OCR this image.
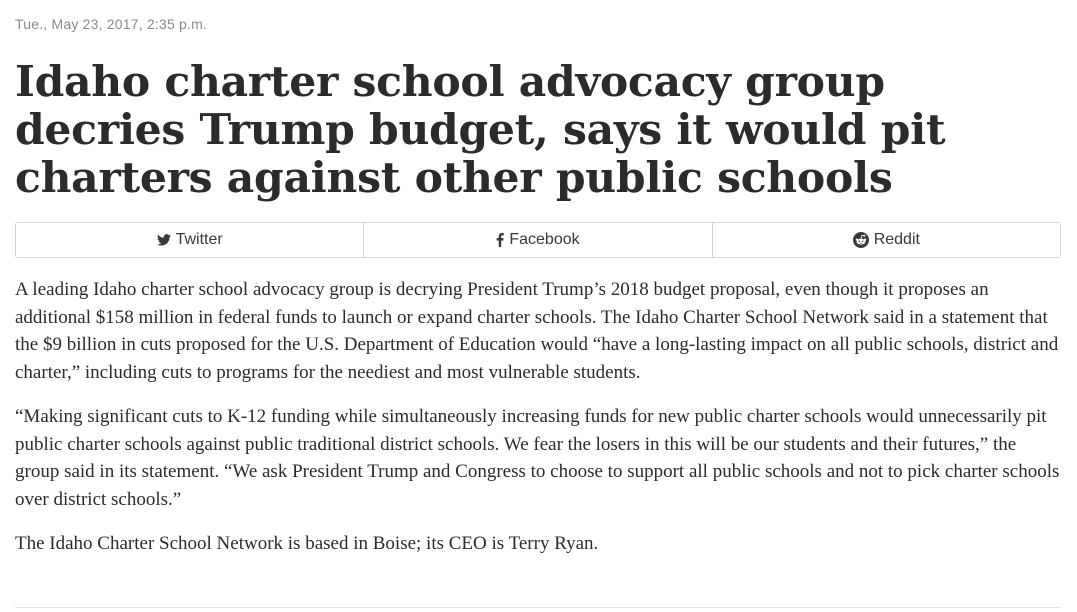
Tue., May 23, 2017, 2:35 p.m.
Idaho charter school advocacy group decries Trump budget, says it would pit charters against other public schools
Twitter	Facebook	Reddit

A leading Idaho charter school advocacy group is decrying President Trump’s 2018 budget proposal, even though it proposes an additional $158 million in federal funds to launch or expand charter schools. The Idaho Charter School Network said in a statement that the $9 billion in cuts proposed for the U.S. Department of Education would “have a long-lasting impact on all public schools, district and charter,” including cuts to programs for the neediest and most vulnerable students.

“Making significant cuts to K-12 funding while simultaneously increasing funds for new public charter schools would unnecessarily pit public charter schools against public traditional district schools. We fear the losers in this will be our students and their futures,” the group said in its statement. “We ask President Trump and Congress to choose to support all public schools and not to pick charter schools over district schools.”

The Idaho Charter School Network is based in Boise; its CEO is Terry Ryan.
